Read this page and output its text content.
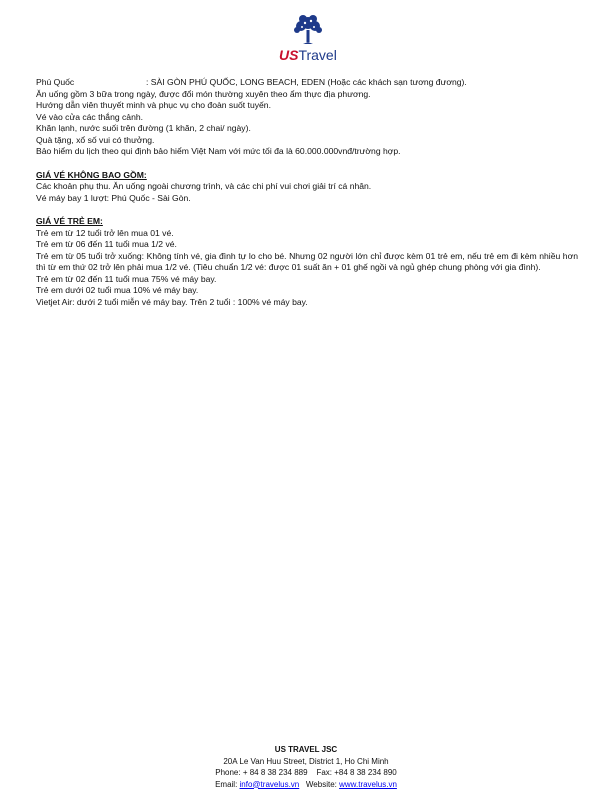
USTravel
Phú Quốc	: SÀI GÒN PHÚ QUỐC, LONG BEACH, EDEN (Hoặc các khách sạn tương đương).
Ăn uống gồm 3 bữa trong ngày, được đổi món thường xuyên theo ẩm thực địa phương.
Hướng dẫn viên thuyết minh và phục vụ cho đoàn suốt tuyến.
Vé vào cửa các thắng cảnh.
Khăn lạnh, nước suối trên đường (1 khăn, 2 chai/ ngày).
Quà tặng, xổ số vui có thưởng.
Bảo hiểm du lịch theo qui định bảo hiểm Việt Nam với mức tối đa là 60.000.000vnđ/trường hợp.
GIÁ VÉ KHÔNG BAO GỒM:
Các khoản phụ thu. Ăn uống ngoài chương trình, và các chi phí vui chơi giải trí cá nhân.
Vé máy bay 1 lượt: Phú Quốc - Sài Gòn.
GIÁ VÉ TRẺ EM:
Trẻ em từ 12 tuổi trở lên mua 01 vé.
Trẻ em từ 06 đến 11 tuổi mua 1/2 vé.
Trẻ em từ 05 tuổi trở xuống: Không tính vé, gia đình tự lo cho bé. Nhưng 02 người lớn chỉ được kèm 01 trẻ em, nếu trẻ em đi kèm nhiều hơn thì từ em thứ 02 trở lên phải mua 1/2 vé. (Tiêu chuẩn 1/2 vé: được 01 suất ăn + 01 ghế ngồi và ngủ ghép chung phòng với gia đình).
Trẻ em từ 02 đến 11 tuổi mua 75% vé máy bay.
Trẻ em dưới 02 tuổi mua 10% vé máy bay.
Vietjet Air: dưới 2 tuổi miễn vé máy bay. Trên 2 tuổi : 100% vé máy bay.
US TRAVEL JSC
20A Le Van Huu Street, District 1, Ho Chi Minh
Phone: + 84 8 38 234 889    Fax: +84 8 38 234 890
Email: info@travelus.vn   Website: www.travelus.vn
